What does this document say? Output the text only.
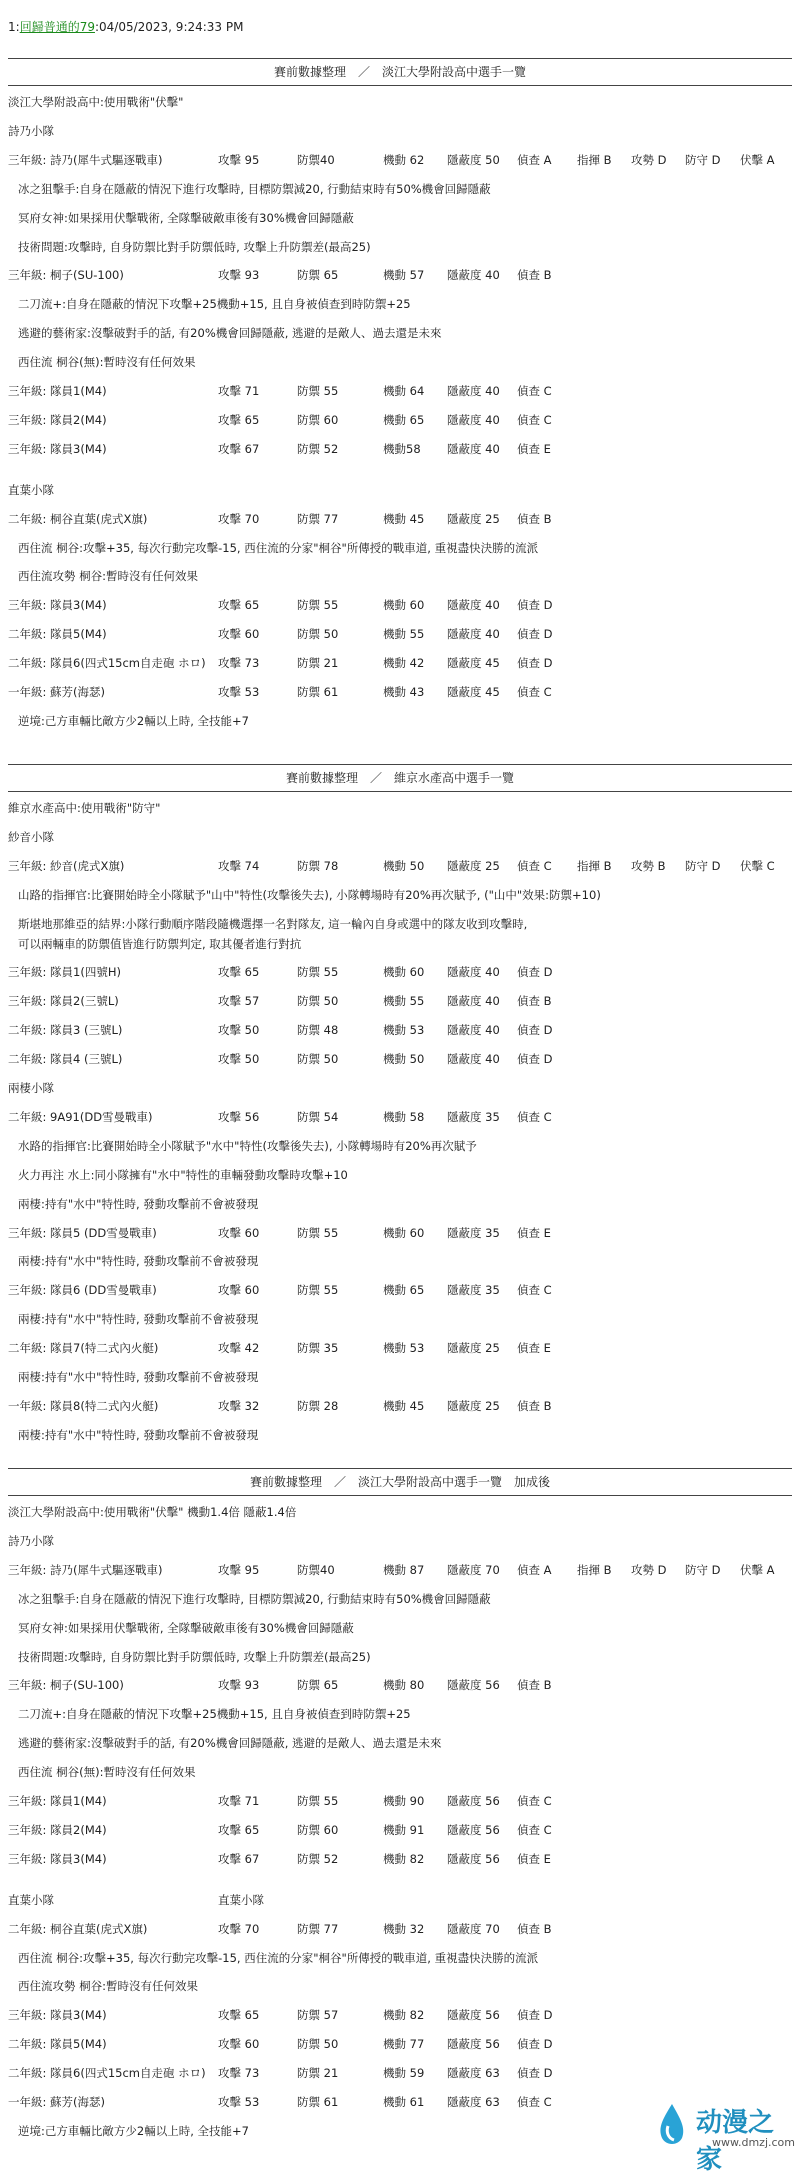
1:回歸普通的79:04/05/2023, 9:24:33 PM
賽前數據整理　／　淡江大學附設高中選手一覽
淡江大學附設高中:使用戰術"伏擊"
詩乃小隊
三年級: 詩乃(犀牛式驅逐戰車)	攻擊 95	防禦40	機動 62 隱蔽度 50 偵查 A 指揮 B 攻勢 D 防守 D 伏擊 A
冰之狙擊手:自身在隱蔽的情況下進行攻擊時, 目標防禦減20, 行動結束時有50%機會回歸隱蔽
冥府女神:如果採用伏擊戰術, 全隊擊破敵車後有30%機會回歸隱蔽
技術問題:攻擊時, 自身防禦比對手防禦低時, 攻擊上升防禦差(最高25)
三年級: 桐子(SU-100)	攻擊 93	防禦 65	機動 57 隱蔽度 40 偵查 B
二刀流+:自身在隱蔽的情況下攻擊+25機動+15, 且自身被偵查到時防禦+25
逃避的藝術家:沒擊破對手的話, 有20%機會回歸隱蔽, 逃避的是敵人、過去還是未來
西住流 桐谷(無):暫時沒有任何效果
三年級: 隊員1(M4)	攻擊 71	防禦 55	機動 64 隱蔽度 40 偵查 C
三年級: 隊員2(M4)	攻擊 65	防禦 60	機動 65 隱蔽度 40 偵查 C
三年級: 隊員3(M4)	攻擊 67	防禦 52	機動58 隱蔽度 40 偵查 E
直葉小隊
二年級: 桐谷直葉(虎式X旗)	攻擊 70	防禦 77	機動 45 隱蔽度 25 偵查 B
西住流 桐谷:攻擊+35, 每次行動完攻擊-15, 西住流的分家"桐谷"所傳授的戰車道, 重視盡快決勝的流派
西住流攻勢 桐谷:暫時沒有任何效果
三年級: 隊員3(M4)	攻擊 65	防禦 55	機動 60 隱蔽度 40 偵查 D
二年級: 隊員5(M4)	攻擊 60	防禦 50	機動 55 隱蔽度 40 偵查 D
二年級: 隊員6(四式15cm自走砲 ホロ) 攻擊 73	防禦 21	機動 42 隱蔽度 45 偵查 D
一年級: 蘇芳(海瑟)	攻擊 53	防禦 61	機動 43 隱蔽度 45 偵查 C
逆境:己方車輛比敵方少2輛以上時, 全技能+7
賽前數據整理　／　維京水產高中選手一覽
維京水產高中:使用戰術"防守"
紗音小隊
三年級: 紗音(虎式X旗)	攻擊 74	防禦 78	機動 50 隱蔽度 25 偵查 C 指揮 B 攻勢 B 防守 D 伏擊 C
山路的指揮官:比賽開始時全小隊賦予"山中"特性(攻擊後失去), 小隊轉場時有20%再次賦予, ("山中"效果:防禦+10)
斯堪地那維亞的結界:小隊行動順序階段隨機選擇一名對隊友, 這一輪內自身或選中的隊友收到攻擊時,
可以兩輛車的防禦值皆進行防禦判定, 取其優者進行對抗
三年級: 隊員1(四號H)	攻擊 65	防禦 55	機動 60 隱蔽度 40 偵查 D
三年級: 隊員2(三號L)	攻擊 57	防禦 50	機動 55 隱蔽度 40 偵查 B
二年級: 隊員3 (三號L)	攻擊 50	防禦 48	機動 53 隱蔽度 40 偵查 D
二年級: 隊員4 (三號L)	攻擊 50	防禦 50	機動 50 隱蔽度 40 偵查 D
兩棲小隊
二年級: 9A91(DD雪曼戰車)	攻擊 56	防禦 54	機動 58 隱蔽度 35 偵查 C
水路的指揮官:比賽開始時全小隊賦予"水中"特性(攻擊後失去), 小隊轉場時有20%再次賦予
火力再注 水上:同小隊擁有"水中"特性的車輛發動攻擊時攻擊+10
兩棲:持有"水中"特性時, 發動攻擊前不會被發現
三年級: 隊員5 (DD雪曼戰車)	攻擊 60	防禦 55	機動 60 隱蔽度 35 偵查 E
兩棲:持有"水中"特性時, 發動攻擊前不會被發現
三年級: 隊員6 (DD雪曼戰車)	攻擊 60	防禦 55	機動 65 隱蔽度 35 偵查 C
兩棲:持有"水中"特性時, 發動攻擊前不會被發現
二年級: 隊員7(特二式內火艇)	攻擊 42	防禦 35	機動 53 隱蔽度 25 偵查 E
兩棲:持有"水中"特性時, 發動攻擊前不會被發現
一年級: 隊員8(特二式內火艇)	攻擊 32	防禦 28	機動 45 隱蔽度 25 偵查 B
兩棲:持有"水中"特性時, 發動攻擊前不會被發現
賽前數據整理　／　淡江大學附設高中選手一覽　加成後
淡江大學附設高中:使用戰術"伏擊" 機動1.4倍 隱蔽1.4倍
詩乃小隊
三年級: 詩乃(犀牛式驅逐戰車)	攻擊 95	防禦40	機動 87 隱蔽度 70 偵查 A 指揮 B 攻勢 D 防守 D 伏擊 A
冰之狙擊手:自身在隱蔽的情況下進行攻擊時, 目標防禦減20, 行動結束時有50%機會回歸隱蔽
冥府女神:如果採用伏擊戰術, 全隊擊破敵車後有30%機會回歸隱蔽
技術問題:攻擊時, 自身防禦比對手防禦低時, 攻擊上升防禦差(最高25)
三年級: 桐子(SU-100)	攻擊 93	防禦 65	機動 80 隱蔽度 56 偵查 B
二刀流+:自身在隱蔽的情況下攻擊+25機動+15, 且自身被偵查到時防禦+25
逃避的藝術家:沒擊破對手的話, 有20%機會回歸隱蔽, 逃避的是敵人、過去還是未來
西住流 桐谷(無):暫時沒有任何效果
三年級: 隊員1(M4)	攻擊 71	防禦 55	機動 90 隱蔽度 56 偵查 C
三年級: 隊員2(M4)	攻擊 65	防禦 60	機動 91 隱蔽度 56 偵查 C
三年級: 隊員3(M4)	攻擊 67	防禦 52	機動 82 隱蔽度 56 偵查 E
直葉小隊	直葉小隊
二年級: 桐谷直葉(虎式X旗)	攻擊 70	防禦 77	機動 32 隱蔽度 70 偵查 B
西住流 桐谷:攻擊+35, 每次行動完攻擊-15, 西住流的分家"桐谷"所傳授的戰車道, 重視盡快決勝的流派
西住流攻勢 桐谷:暫時沒有任何效果
三年級: 隊員3(M4)	攻擊 65	防禦 57	機動 82 隱蔽度 56 偵查 D
二年級: 隊員5(M4)	攻擊 60	防禦 50	機動 77 隱蔽度 56 偵查 D
二年級: 隊員6(四式15cm自走砲 ホロ) 攻擊 73	防禦 21	機動 59 隱蔽度 63 偵查 D
一年級: 蘇芳(海瑟)	攻擊 53	防禦 61	機動 61 隱蔽度 63 偵查 C
逆境:己方車輛比敵方少2輛以上時, 全技能+7	动漫之家
www.dmzj.com
